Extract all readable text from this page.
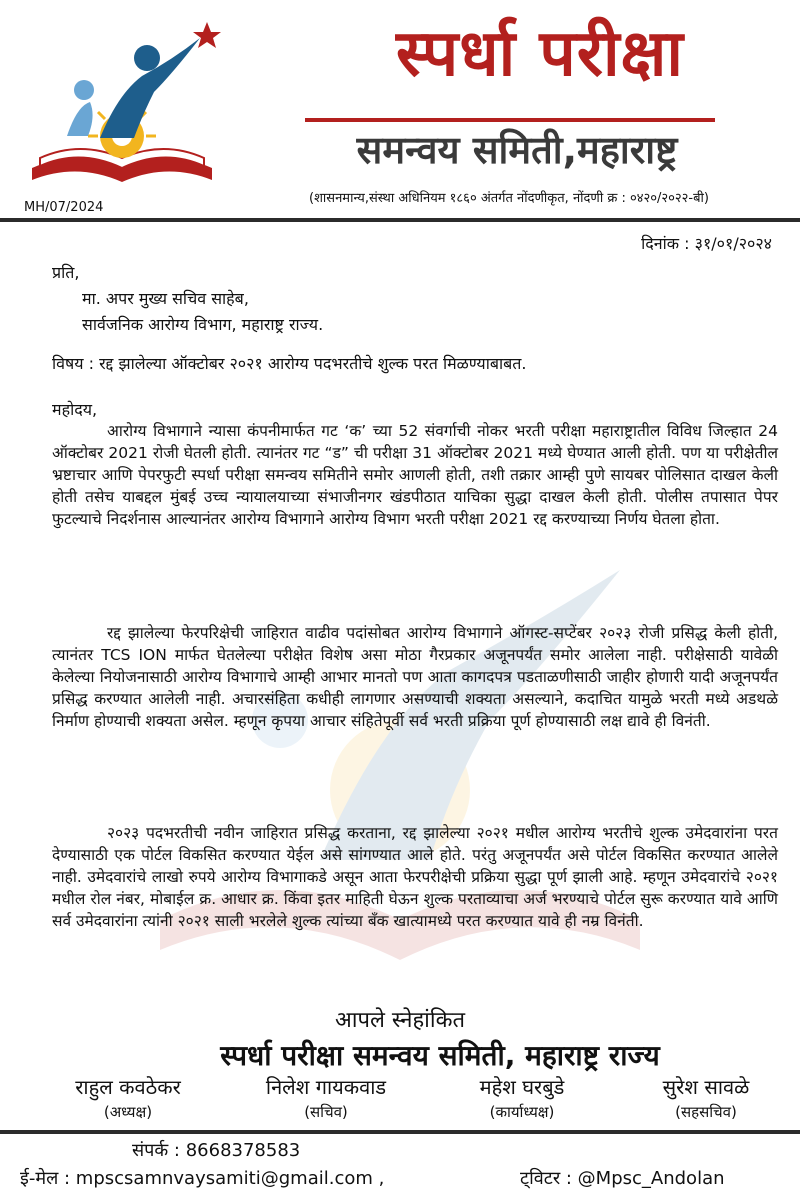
MH/07/2024
स्पर्धा परीक्षा
समन्वय समिती,महाराष्ट्र
(शासनमान्य,संस्था अधिनियम १८६० अंतर्गत नोंदणीकृत, नोंदणी क्र : ०४२०/२०२२-बी)
दिनांक : ३१/०१/२०२४
प्रति,
मा. अपर मुख्य सचिव साहेब,
सार्वजनिक आरोग्य विभाग, महाराष्ट्र राज्य.
विषय : रद्द झालेल्या ऑक्टोबर २०२१ आरोग्य पदभरतीचे शुल्क परत मिळण्याबाबत.
महोदय,

आरोग्य विभागाने न्यासा कंपनीमार्फत गट ‘क’ च्या 52 संवर्गाची नोकर भरती परीक्षा महाराष्ट्रातील विविध जिल्हात 24 ऑक्टोबर 2021 रोजी घेतली होती. त्यानंतर गट “ड” ची परीक्षा 31 ऑक्टोबर 2021 मध्ये घेण्यात आली होती. पण या परीक्षेतील भ्रष्टाचार आणि पेपरफुटी स्पर्धा परीक्षा समन्वय समितीने समोर आणली होती, तशी तक्रार आम्ही पुणे सायबर पोलिसात दाखल केली होती तसेच याबद्दल मुंबई उच्च न्यायालयाच्या संभाजीनगर खंडपीठात याचिका सुद्धा दाखल केली होती. पोलीस तपासात पेपर फुटल्याचे निदर्शनास आल्यानंतर आरोग्य विभागाने आरोग्य विभाग भरती परीक्षा 2021 रद्द करण्याच्या निर्णय घेतला होता.

रद्द झालेल्या फेरपरिक्षेची जाहिरात वाढीव पदांसोबत आरोग्य विभागाने ऑगस्ट-सप्टेंबर २०२३ रोजी प्रसिद्ध केली होती, त्यानंतर TCS ION मार्फत घेतलेल्या परीक्षेत विशेष असा मोठा गैरप्रकार अजूनपर्यंत समोर आलेला नाही. परीक्षेसाठी यावेळी केलेल्या नियोजनासाठी आरोग्य विभागाचे आम्ही आभार मानतो पण आता कागदपत्र पडताळणीसाठी जाहीर होणारी यादी अजूनपर्यंत प्रसिद्ध करण्यात आलेली नाही. अचारसंहिता कधीही लागणार असण्याची शक्यता असल्याने, कदाचित यामुळे भरती मध्ये अडथळे निर्माण होण्याची शक्यता असेल. म्हणून कृपया आचार संहितेपूर्वी सर्व भरती प्रक्रिया पूर्ण होण्यासाठी लक्ष द्यावे ही विनंती.

२०२३ पदभरतीची नवीन जाहिरात प्रसिद्ध करताना, रद्द झालेल्या २०२१ मधील आरोग्य भरतीचे शुल्क उमेदवारांना परत देण्यासाठी एक पोर्टल विकसित करण्यात येईल असे सांगण्यात आले होते. परंतु अजूनपर्यंत असे पोर्टल विकसित करण्यात आलेले नाही. उमेदवारांचे लाखो रुपये आरोग्य विभागाकडे असून आता फेरपरीक्षेची प्रक्रिया सुद्धा पूर्ण झाली आहे. म्हणून उमेदवारांचे २०२१ मधील रोल नंबर, मोबाईल क्र. आधार क्र. किंवा इतर माहिती घेऊन शुल्क परताव्याचा अर्ज भरण्याचे पोर्टल सुरू करण्यात यावे आणि सर्व उमेदवारांना त्यांनी २०२१ साली भरलेले शुल्क त्यांच्या बँक खात्यामध्ये परत करण्यात यावे ही नम्र विनंती.

आपले स्नेहांकित
स्पर्धा परीक्षा समन्वय समिती, महाराष्ट्र राज्य
राहुल कवठेकर
(अध्यक्ष)
निलेश गायकवाड
(सचिव)
महेश घरबुडे
(कार्याध्यक्ष)
सुरेश सावळे
(सहसचिव)
संपर्क : 8668378583
ई-मेल : mpscsamnvaysamiti@gmail.com ,	ट्विटर : @Mpsc_Andolan
